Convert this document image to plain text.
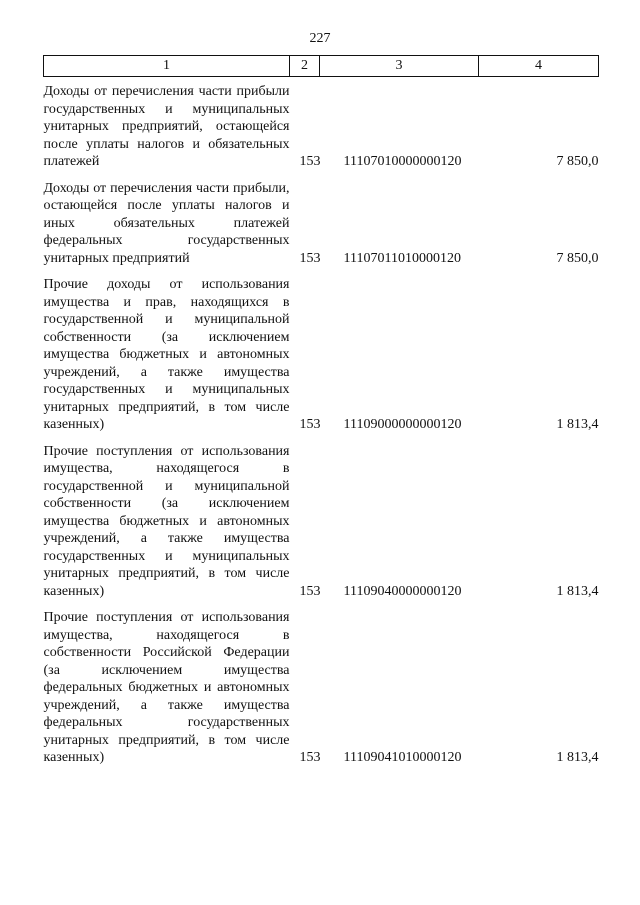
227
1	2	3	4
Доходы от перечисления части прибыли государственных и муниципальных унитарных предприятий, остающейся после уплаты налогов и обязательных платежей	153	11107010000000120	7 850,0
Доходы от перечисления части прибыли, остающейся после уплаты налогов и иных обязательных платежей федеральных государственных унитарных предприятий	153	11107011010000120	7 850,0
Прочие доходы от использования имущества и прав, находящихся в государственной и муниципальной собственности (за исключением имущества бюджетных и автономных учреждений, а также имущества государственных и муниципальных унитарных предприятий, в том числе казенных)	153	11109000000000120	1 813,4
Прочие поступления от использования имущества, находящегося в государственной и муниципальной собственности (за исключением имущества бюджетных и автономных учреждений, а также имущества государственных и муниципальных унитарных предприятий, в том числе казенных)	153	11109040000000120	1 813,4
Прочие поступления от использования имущества, находящегося в собственности Российской Федерации (за исключением имущества федеральных бюджетных и автономных учреждений, а также имущества федеральных государственных унитарных предприятий, в том числе казенных)	153	11109041010000120	1 813,4
